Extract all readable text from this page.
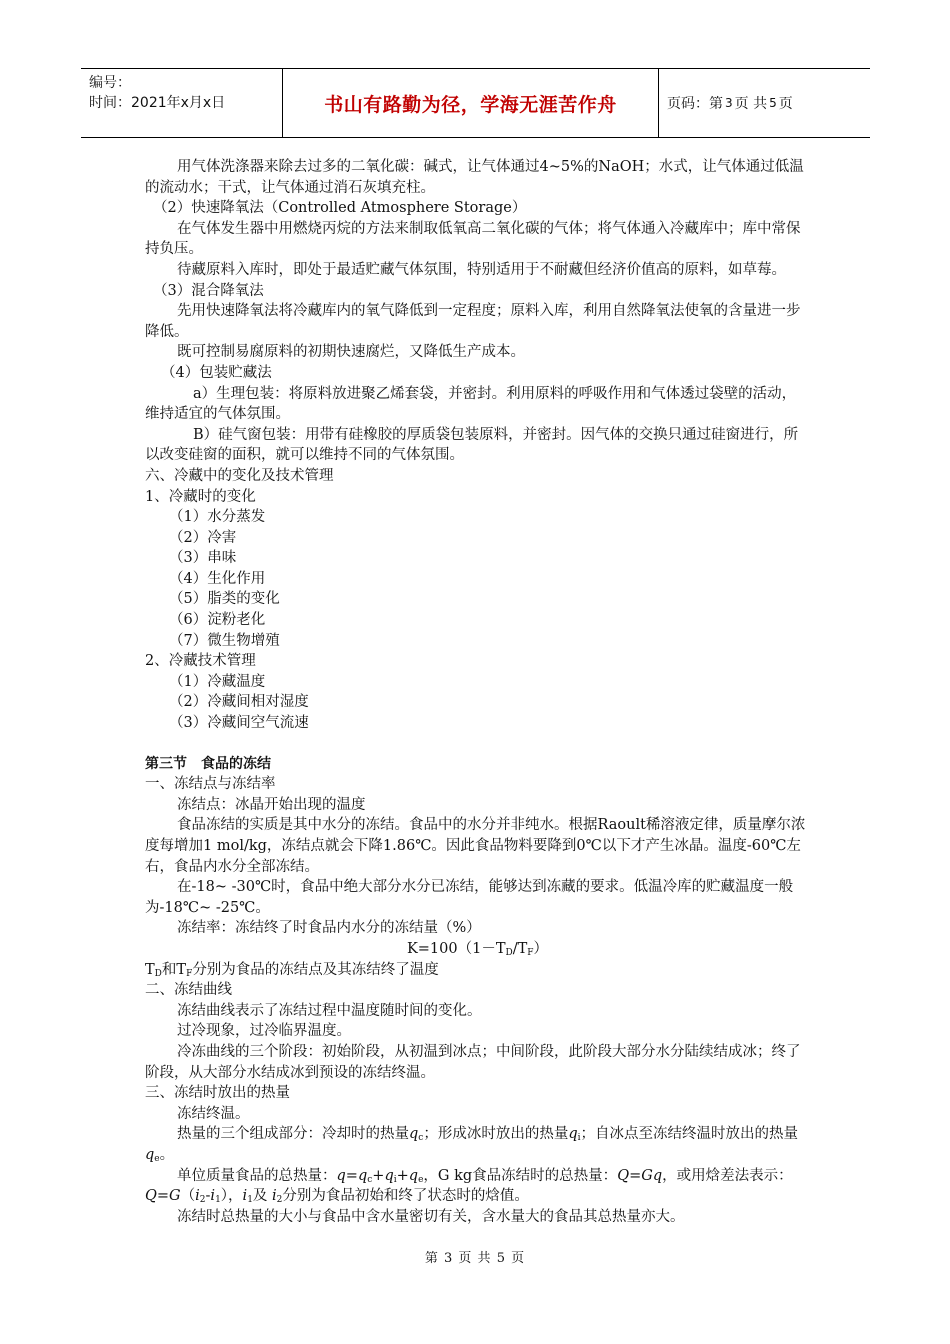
编号：
时间：2021年x月x日	书山有路勤为径，学海无涯苦作舟	页码：第 3 页 共 5 页

用气体洗涤器来除去过多的二氧化碳：碱式，让气体通过4~5%的NaOH；水式，让气体通过低温的流动水；干式，让气体通过消石灰填充柱。

（2）快速降氧法（Controlled Atmosphere Storage）

在气体发生器中用燃烧丙烷的方法来制取低氧高二氧化碳的气体；将气体通入冷藏库中；库中常保持负压。

待藏原料入库时，即处于最适贮藏气体氛围，特别适用于不耐藏但经济价值高的原料，如草莓。

（3）混合降氧法

先用快速降氧法将冷藏库内的氧气降低到一定程度；原料入库，利用自然降氧法使氧的含量进一步降低。

既可控制易腐原料的初期快速腐烂，又降低生产成本。

（4）包装贮藏法

a）生理包装：将原料放进聚乙烯套袋，并密封。利用原料的呼吸作用和气体透过袋壁的活动，维持适宜的气体氛围。

B）硅气窗包装：用带有硅橡胶的厚质袋包装原料，并密封。因气体的交换只通过硅窗进行，所以改变硅窗的面积，就可以维持不同的气体氛围。

六、冷藏中的变化及技术管理

1、冷藏时的变化

（1）水分蒸发

（2）冷害

（3）串味

（4）生化作用

（5）脂类的变化

（6）淀粉老化

（7）微生物增殖

2、冷藏技术管理

（1）冷藏温度

（2）冷藏间相对湿度

（3）冷藏间空气流速

第三节　食品的冻结

一、冻结点与冻结率

冻结点：冰晶开始出现的温度

食品冻结的实质是其中水分的冻结。食品中的水分并非纯水。根据Raoult稀溶液定律，质量摩尔浓度每增加1 mol/kg，冻结点就会下降1.86℃。因此食品物料要降到0℃以下才产生冰晶。温度-60℃左右，食品内水分全部冻结。

在-18~ -30℃时，食品中绝大部分水分已冻结，能够达到冻藏的要求。低温冷库的贮藏温度一般为-18℃~ -25℃。

冻结率：冻结终了时食品内水分的冻结量（%）

$K=100(1-T_D/T_F)$

$T_D$和$T_F$分别为食品的冻结点及其冻结终了温度

二、冻结曲线

冻结曲线表示了冻结过程中温度随时间的变化。

过冷现象，过冷临界温度。

冷冻曲线的三个阶段：初始阶段，从初温到冰点；中间阶段，此阶段大部分水分陆续结成冰；终了阶段，从大部分水结成冰到预设的冻结终温。

三、冻结时放出的热量

冻结终温。

热量的三个组成部分：冷却时的热量$q_c$；形成冰时放出的热量$q_i$；自冰点至冻结终温时放出的热量$q_e$。

单位质量食品的总热量：$q=q_c+q_i+q_e$，G kg食品冻结时的总热量：Q=Gq，或用焓差法表示：$Q=G(i_2-i_1)$，$i_1$及 $i_2$分别为食品初始和终了状态时的焓值。

冻结时总热量的大小与食品中含水量密切有关，含水量大的食品其总热量亦大。

第 3 页 共 5 页
